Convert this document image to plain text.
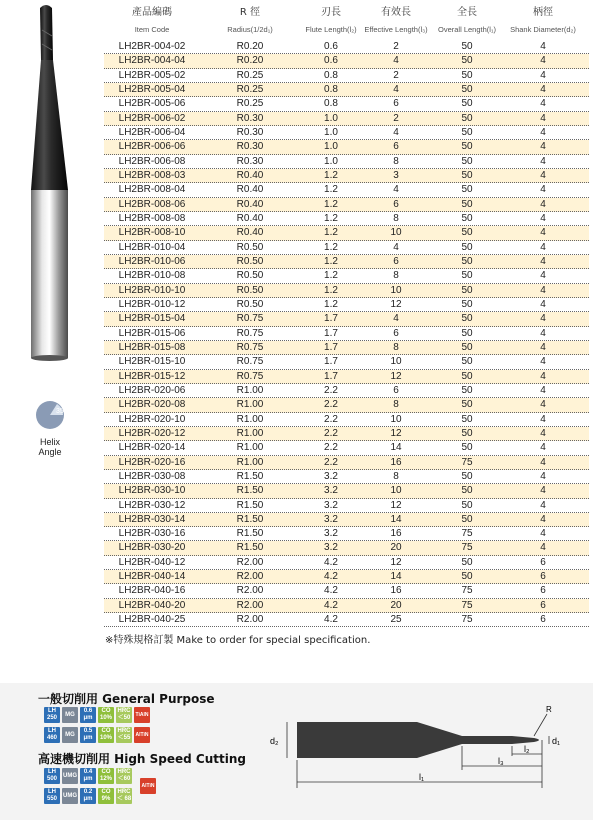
產品編碼
Item Code
R 徑
Radius(1/2d₁)
刃長
Flute Length(l₂)
有效長
Effective Length(l₃)
全長
Overall Length(l₁)
柄徑
Shank Diameter(d₂)
LH2BR-004-02	R0.20	0.6	2	50	4
LH2BR-004-04	R0.20	0.6	4	50	4
LH2BR-005-02	R0.25	0.8	2	50	4
LH2BR-005-04	R0.25	0.8	4	50	4
LH2BR-005-06	R0.25	0.8	6	50	4
LH2BR-006-02	R0.30	1.0	2	50	4
LH2BR-006-04	R0.30	1.0	4	50	4
LH2BR-006-06	R0.30	1.0	6	50	4
LH2BR-006-08	R0.30	1.0	8	50	4
LH2BR-008-03	R0.40	1.2	3	50	4
LH2BR-008-04	R0.40	1.2	4	50	4
LH2BR-008-06	R0.40	1.2	6	50	4
LH2BR-008-08	R0.40	1.2	8	50	4
LH2BR-008-10	R0.40	1.2	10	50	4
LH2BR-010-04	R0.50	1.2	4	50	4
LH2BR-010-06	R0.50	1.2	6	50	4
LH2BR-010-08	R0.50	1.2	8	50	4
LH2BR-010-10	R0.50	1.2	10	50	4
LH2BR-010-12	R0.50	1.2	12	50	4
LH2BR-015-04	R0.75	1.7	4	50	4
LH2BR-015-06	R0.75	1.7	6	50	4
LH2BR-015-08	R0.75	1.7	8	50	4
LH2BR-015-10	R0.75	1.7	10	50	4
LH2BR-015-12	R0.75	1.7	12	50	4
LH2BR-020-06	R1.00	2.2	6	50	4
LH2BR-020-08	R1.00	2.2	8	50	4
LH2BR-020-10	R1.00	2.2	10	50	4
LH2BR-020-12	R1.00	2.2	12	50	4
LH2BR-020-14	R1.00	2.2	14	50	4
LH2BR-020-16	R1.00	2.2	16	75	4
LH2BR-030-08	R1.50	3.2	8	50	4
LH2BR-030-10	R1.50	3.2	10	50	4
LH2BR-030-12	R1.50	3.2	12	50	4
LH2BR-030-14	R1.50	3.2	14	50	4
LH2BR-030-16	R1.50	3.2	16	75	4
LH2BR-030-20	R1.50	3.2	20	75	4
LH2BR-040-12	R2.00	4.2	12	50	6
LH2BR-040-14	R2.00	4.2	14	50	6
LH2BR-040-16	R2.00	4.2	16	75	6
LH2BR-040-20	R2.00	4.2	20	75	6
LH2BR-040-25	R2.00	4.2	25	75	6
※特殊規格訂製 Make to order for special specification.
35°
Helix
Angle
一般切削用 General Purpose
LH 250
MG
0.6 μm
CO 10%
HRC ＜50
TiAlN
LH 460
MG
0.5 μm
CO 10%
HRC ＜55
AlTiN
高速機切削用 High Speed Cutting
LH 500
UMG
0.4 μm
CO 12%
HRC ＜60
LH 550
UMG
0.2 μm
CO 9%
HRC ＜ 68
AlTiN
d₂
l₁
l₃
l₂
d₁
R
